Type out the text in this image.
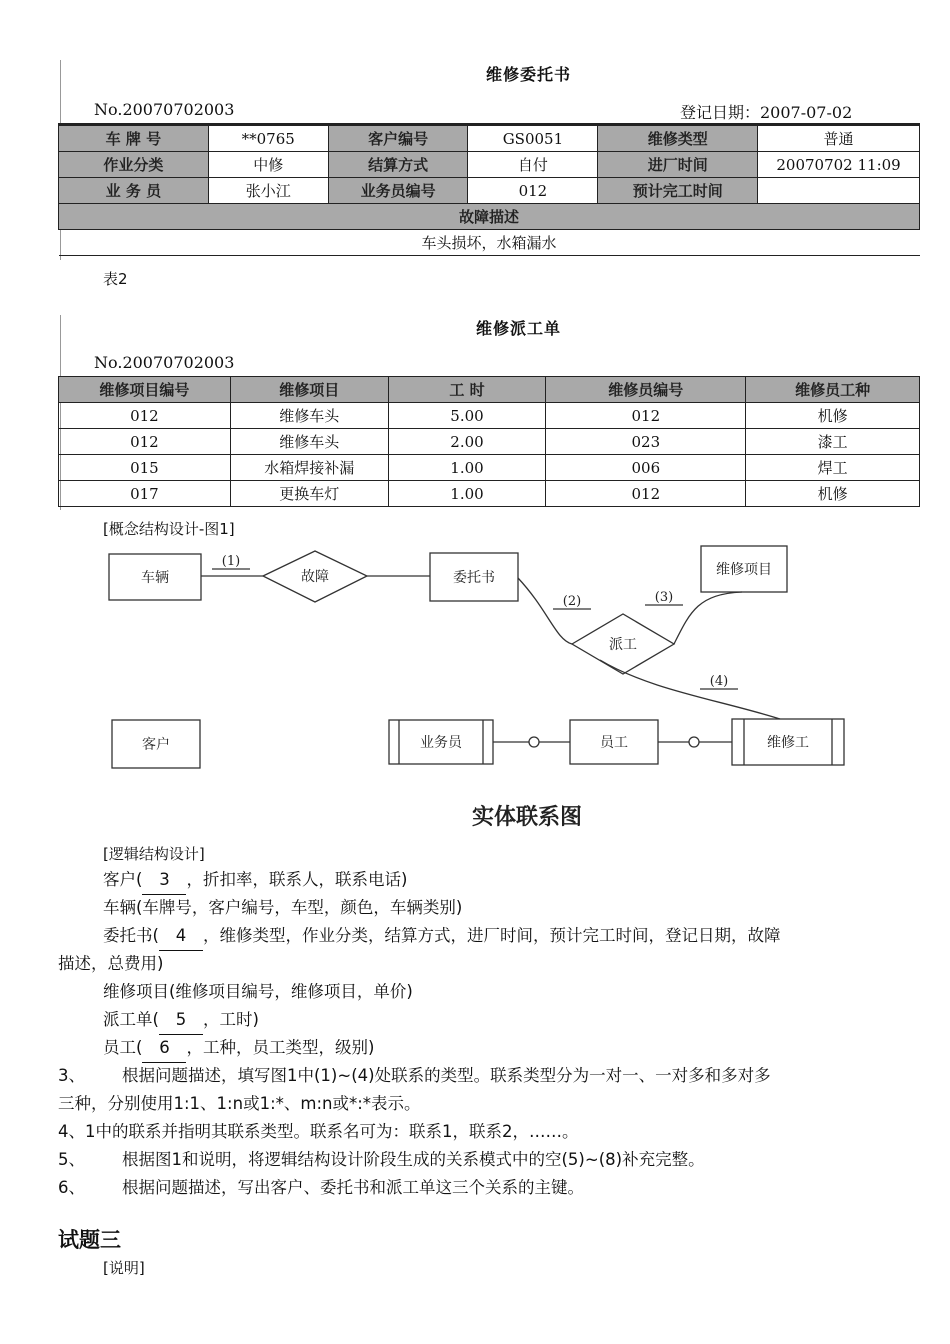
维修委托书
No.20070702003	登记日期：2007-07-02
车 牌 号	**0765	客户编号	GS0051	维修类型	普通
作业分类	中修	结算方式	自付	进厂时间	20070702 11:09
业 务 员	张小江	业务员编号	012	预计完工时间	
故障描述					
车头损坏，水箱漏水					
表2
维修派工单
No.20070702003
维修项目编号	维修项目	工 时	维修员编号	维修员工种
012	维修车头	5.00	012	机修
012	维修车头	2.00	023	漆工
015	水箱焊接补漏	1.00	006	焊工
017	更换车灯	1.00	012	机修
[概念结构设计-图1]
车辆	委托书	维修项目
客户	业务员	员工	维修工
故障
派工
(1)
(2)	(3)
(4)
实体联系图
[逻辑结构设计]
客户( 3 ，折扣率，联系人，联系电话)
车辆(车牌号，客户编号，车型，颜色，车辆类别)
委托书( 4 ，维修类型，作业分类，结算方式，进厂时间，预计完工时间，登记日期，故障
描述，总费用)
维修项目(维修项目编号，维修项目，单价)
派工单( 5 ，工时)
员工( 6 ，工种，员工类型，级别)
3、 根据问题描述，填写图1中(1)~(4)处联系的类型。联系类型分为一对一、一对多和多对多
三种，分别使用1:1、1:n或1:*、m:n或*:*表示。
4、1中的联系并指明其联系类型。联系名可为：联系1，联系2，……。
5、 根据图1和说明，将逻辑结构设计阶段生成的关系模式中的空(5)~(8)补充完整。
6、 根据问题描述，写出客户、委托书和派工单这三个关系的主键。
试题三
[说明]
